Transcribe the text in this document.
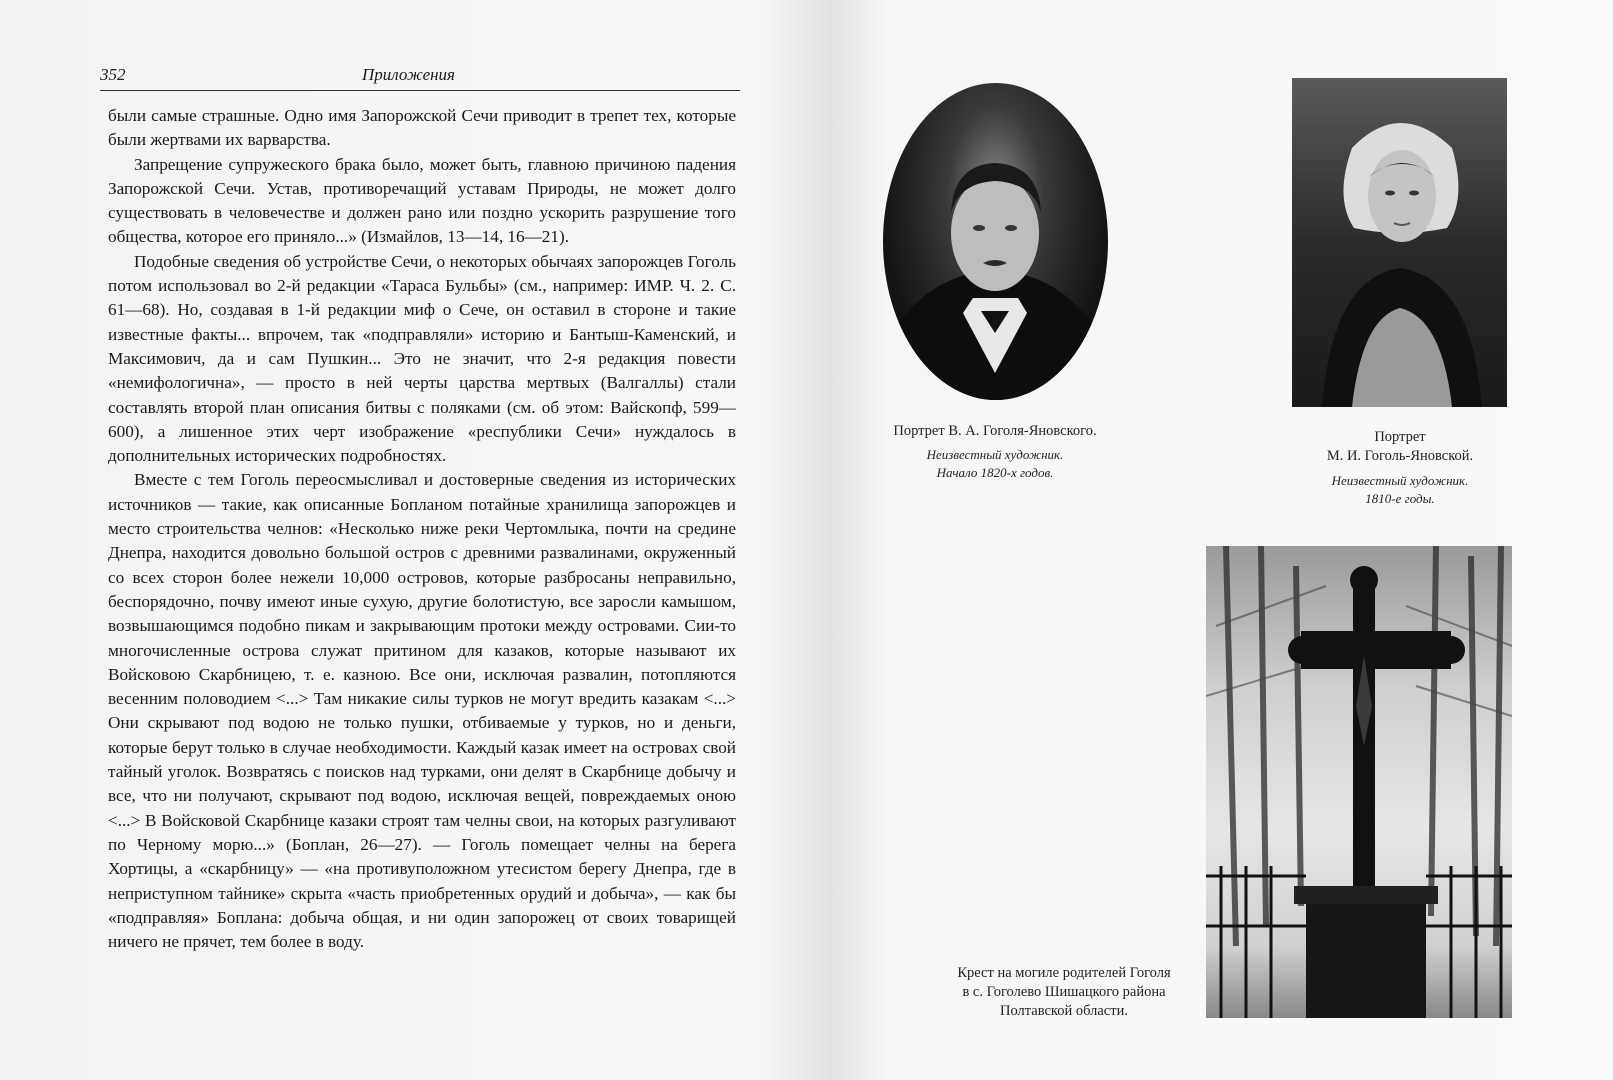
352	Приложения

были самые страшные. Одно имя Запорожской Сечи приводит в трепет тех, которые были жертвами их варварства.

Запрещение супружеского брака было, может быть, главною причиною падения Запорожской Сечи. Устав, противоречащий уставам Природы, не может долго существовать в человечестве и должен рано или поздно ускорить разрушение того общества, которое его приняло...» (Измайлов, 13—14, 16—21).

Подобные сведения об устройстве Сечи, о некоторых обычаях запорожцев Гоголь потом использовал во 2-й редакции «Тараса Бульбы» (см., например: ИМР. Ч. 2. С. 61—68). Но, создавая в 1-й редакции миф о Сече, он оставил в стороне и такие известные факты... впрочем, так «подправляли» историю и Бантыш-Каменский, и Максимович, да и сам Пушкин... Это не значит, что 2-я редакция повести «немифологична», — просто в ней черты царства мертвых (Валгаллы) стали составлять второй план описания битвы с поляками (см. об этом: Вайскопф, 599—600), а лишенное этих черт изображение «республики Сечи» нуждалось в дополнительных исторических подробностях.

Вместе с тем Гоголь переосмысливал и достоверные сведения из исторических источников — такие, как описанные Бопланом потайные хранилища запорожцев и место строительства челнов: «Несколько ниже реки Чертомлыка, почти на средине Днепра, находится довольно большой остров с древними развалинами, окруженный со всех сторон более нежели 10,000 островов, которые разбросаны неправильно, беспорядочно, почву имеют иные сухую, другие болотистую, все заросли камышом, возвышающимся подобно пикам и закрывающим протоки между островами. Сии-то многочисленные острова служат притином для казаков, которые называют их Войсковою Скарбницею, т. е. казною. Все они, исключая развалин, потопляются весенним половодием <...> Там никакие силы турков не могут вредить казакам <...> Они скрывают под водою не только пушки, отбиваемые у турков, но и деньги, которые берут только в случае необходимости. Каждый казак имеет на островах свой тайный уголок. Возвратясь с поисков над турками, они делят в Скарбнице добычу и все, что ни получают, скрывают под водою, исключая вещей, повреждаемых оною <...> В Войсковой Скарбнице казаки строят там челны свои, на которых разгуливают по Черному морю...» (Боплан, 26—27). — Гоголь помещает челны на берега Хортицы, а «скарбницу» — «на противуположном утесистом берегу Днепра, где в неприступном тайнике» скрыта «часть приобретенных орудий и добыча», — как бы «подправляя» Боплана: добыча общая, и ни один запорожец от своих товарищей ничего не прячет, тем более в воду.

Портрет В. А. Гоголя-Яновского.
Неизвестный художник.
Начало 1820-х годов.
Портрет
М. И. Гоголь-Яновской.
Неизвестный художник.
1810-е годы.
Крест на могиле родителей Гоголя
в с. Гоголево Шишацкого района
Полтавской области.
